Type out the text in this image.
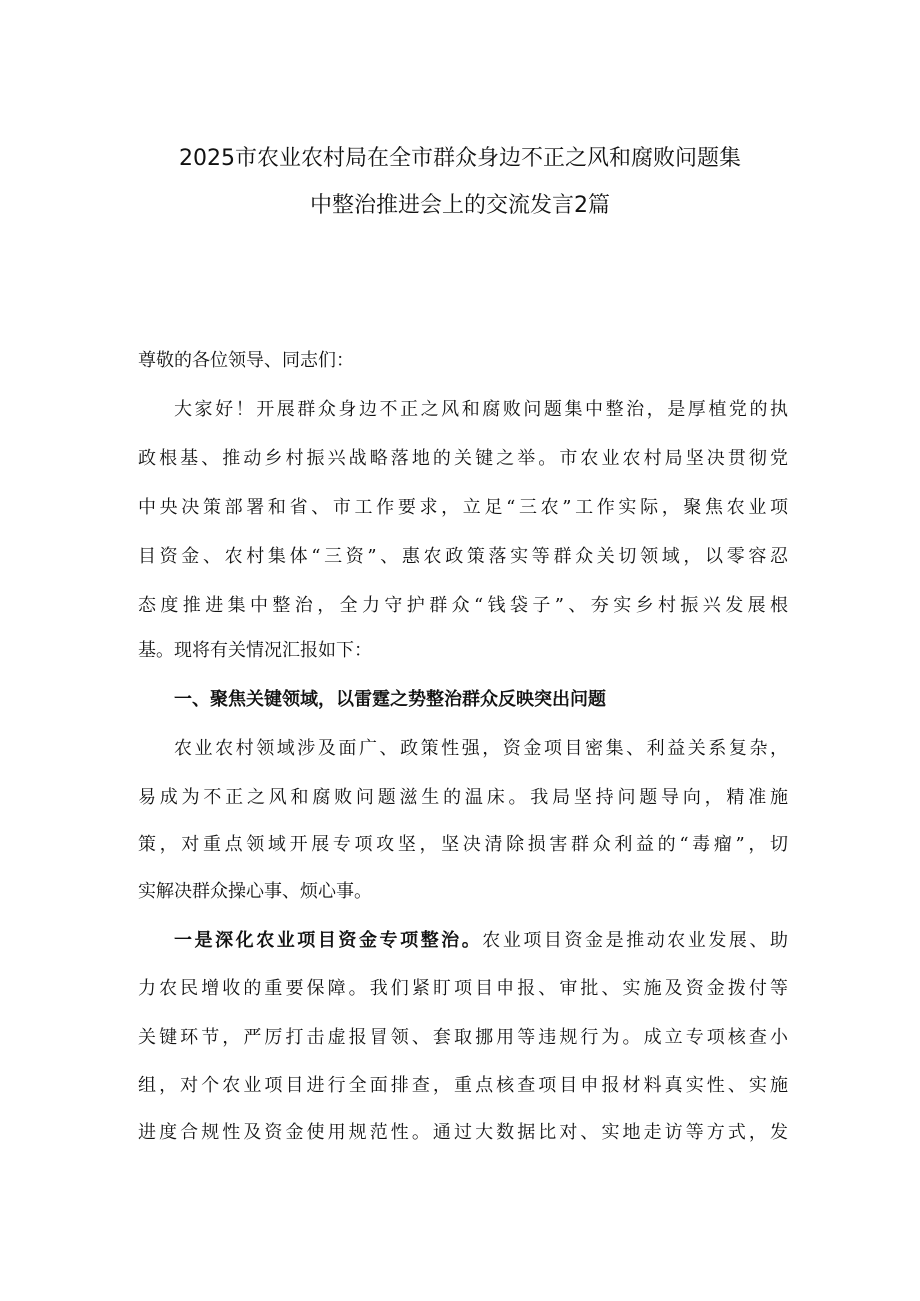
2025市农业农村局在全市群众身边不正之风和腐败问题集
中整治推进会上的交流发言2篇
尊敬的各位领导、同志们：
大家好！开展群众身边不正之风和腐败问题集中整治，是厚植党的执
政根基、推动乡村振兴战略落地的关键之举。市农业农村局坚决贯彻党
中央决策部署和省、市工作要求，立足“三农”工作实际，聚焦农业项
目资金、农村集体“三资”、惠农政策落实等群众关切领域，以零容忍
态度推进集中整治，全力守护群众“钱袋子”、夯实乡村振兴发展根
基。现将有关情况汇报如下：
一、聚焦关键领域，以雷霆之势整治群众反映突出问题
农业农村领域涉及面广、政策性强，资金项目密集、利益关系复杂，
易成为不正之风和腐败问题滋生的温床。我局坚持问题导向，精准施
策，对重点领域开展专项攻坚，坚决清除损害群众利益的“毒瘤”，切
实解决群众操心事、烦心事。
一是深化农业项目资金专项整治。农业项目资金是推动农业发展、助
力农民增收的重要保障。我们紧盯项目申报、审批、实施及资金拨付等
关键环节，严厉打击虚报冒领、套取挪用等违规行为。成立专项核查小
组，对个农业项目进行全面排查，重点核查项目申报材料真实性、实施
进度合规性及资金使用规范性。通过大数据比对、实地走访等方式，发
